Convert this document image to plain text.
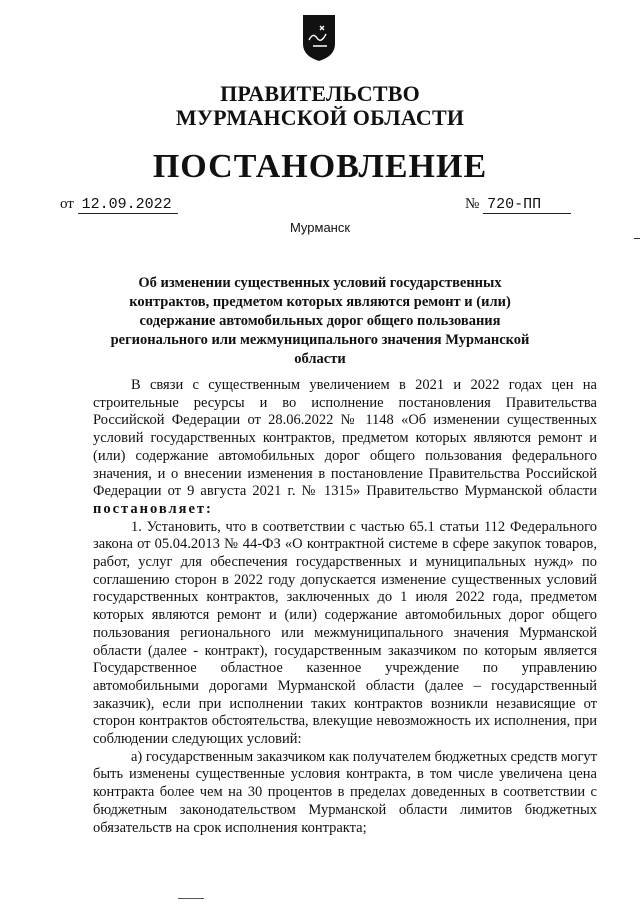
ПРАВИТЕЛЬСТВО
МУРМАНСКОЙ ОБЛАСТИ
ПОСТАНОВЛЕНИЕ
от 12.09.2022	№ 720-ПП
Мурманск
Об изменении существенных условий государственных контрактов, предметом которых являются ремонт и (или) содержание автомобильных дорог общего пользования регионального или межмуниципального значения Мурманской области

В связи с существенным увеличением в 2021 и 2022 годах цен на строительные ресурсы и во исполнение постановления Правительства Российской Федерации от 28.06.2022 № 1148 «Об изменении существенных условий государственных контрактов, предметом которых являются ремонт и (или) содержание автомобильных дорог общего пользования федерального значения, и о внесении изменения в постановление Правительства Российской Федерации от 9 августа 2021 г. № 1315» Правительство Мурманской области постановляет:

1. Установить, что в соответствии с частью 65.1 статьи 112 Федерального закона от 05.04.2013 № 44-ФЗ «О контрактной системе в сфере закупок товаров, работ, услуг для обеспечения государственных и муниципальных нужд» по соглашению сторон в 2022 году допускается изменение существенных условий государственных контрактов, заключенных до 1 июля 2022 года, предметом которых являются ремонт и (или) содержание автомобильных дорог общего пользования регионального или межмуниципального значения Мурманской области (далее - контракт), государственным заказчиком по которым является Государственное областное казенное учреждение по управлению автомобильными дорогами Мурманской области (далее – государственный заказчик), если при исполнении таких контрактов возникли независящие от сторон контрактов обстоятельства, влекущие невозможность их исполнения, при соблюдении следующих условий:

а) государственным заказчиком как получателем бюджетных средств могут быть изменены существенные условия контракта, в том числе увеличена цена контракта более чем на 30 процентов в пределах доведенных в соответствии с бюджетным законодательством Мурманской области лимитов бюджетных обязательств на срок исполнения контракта;
